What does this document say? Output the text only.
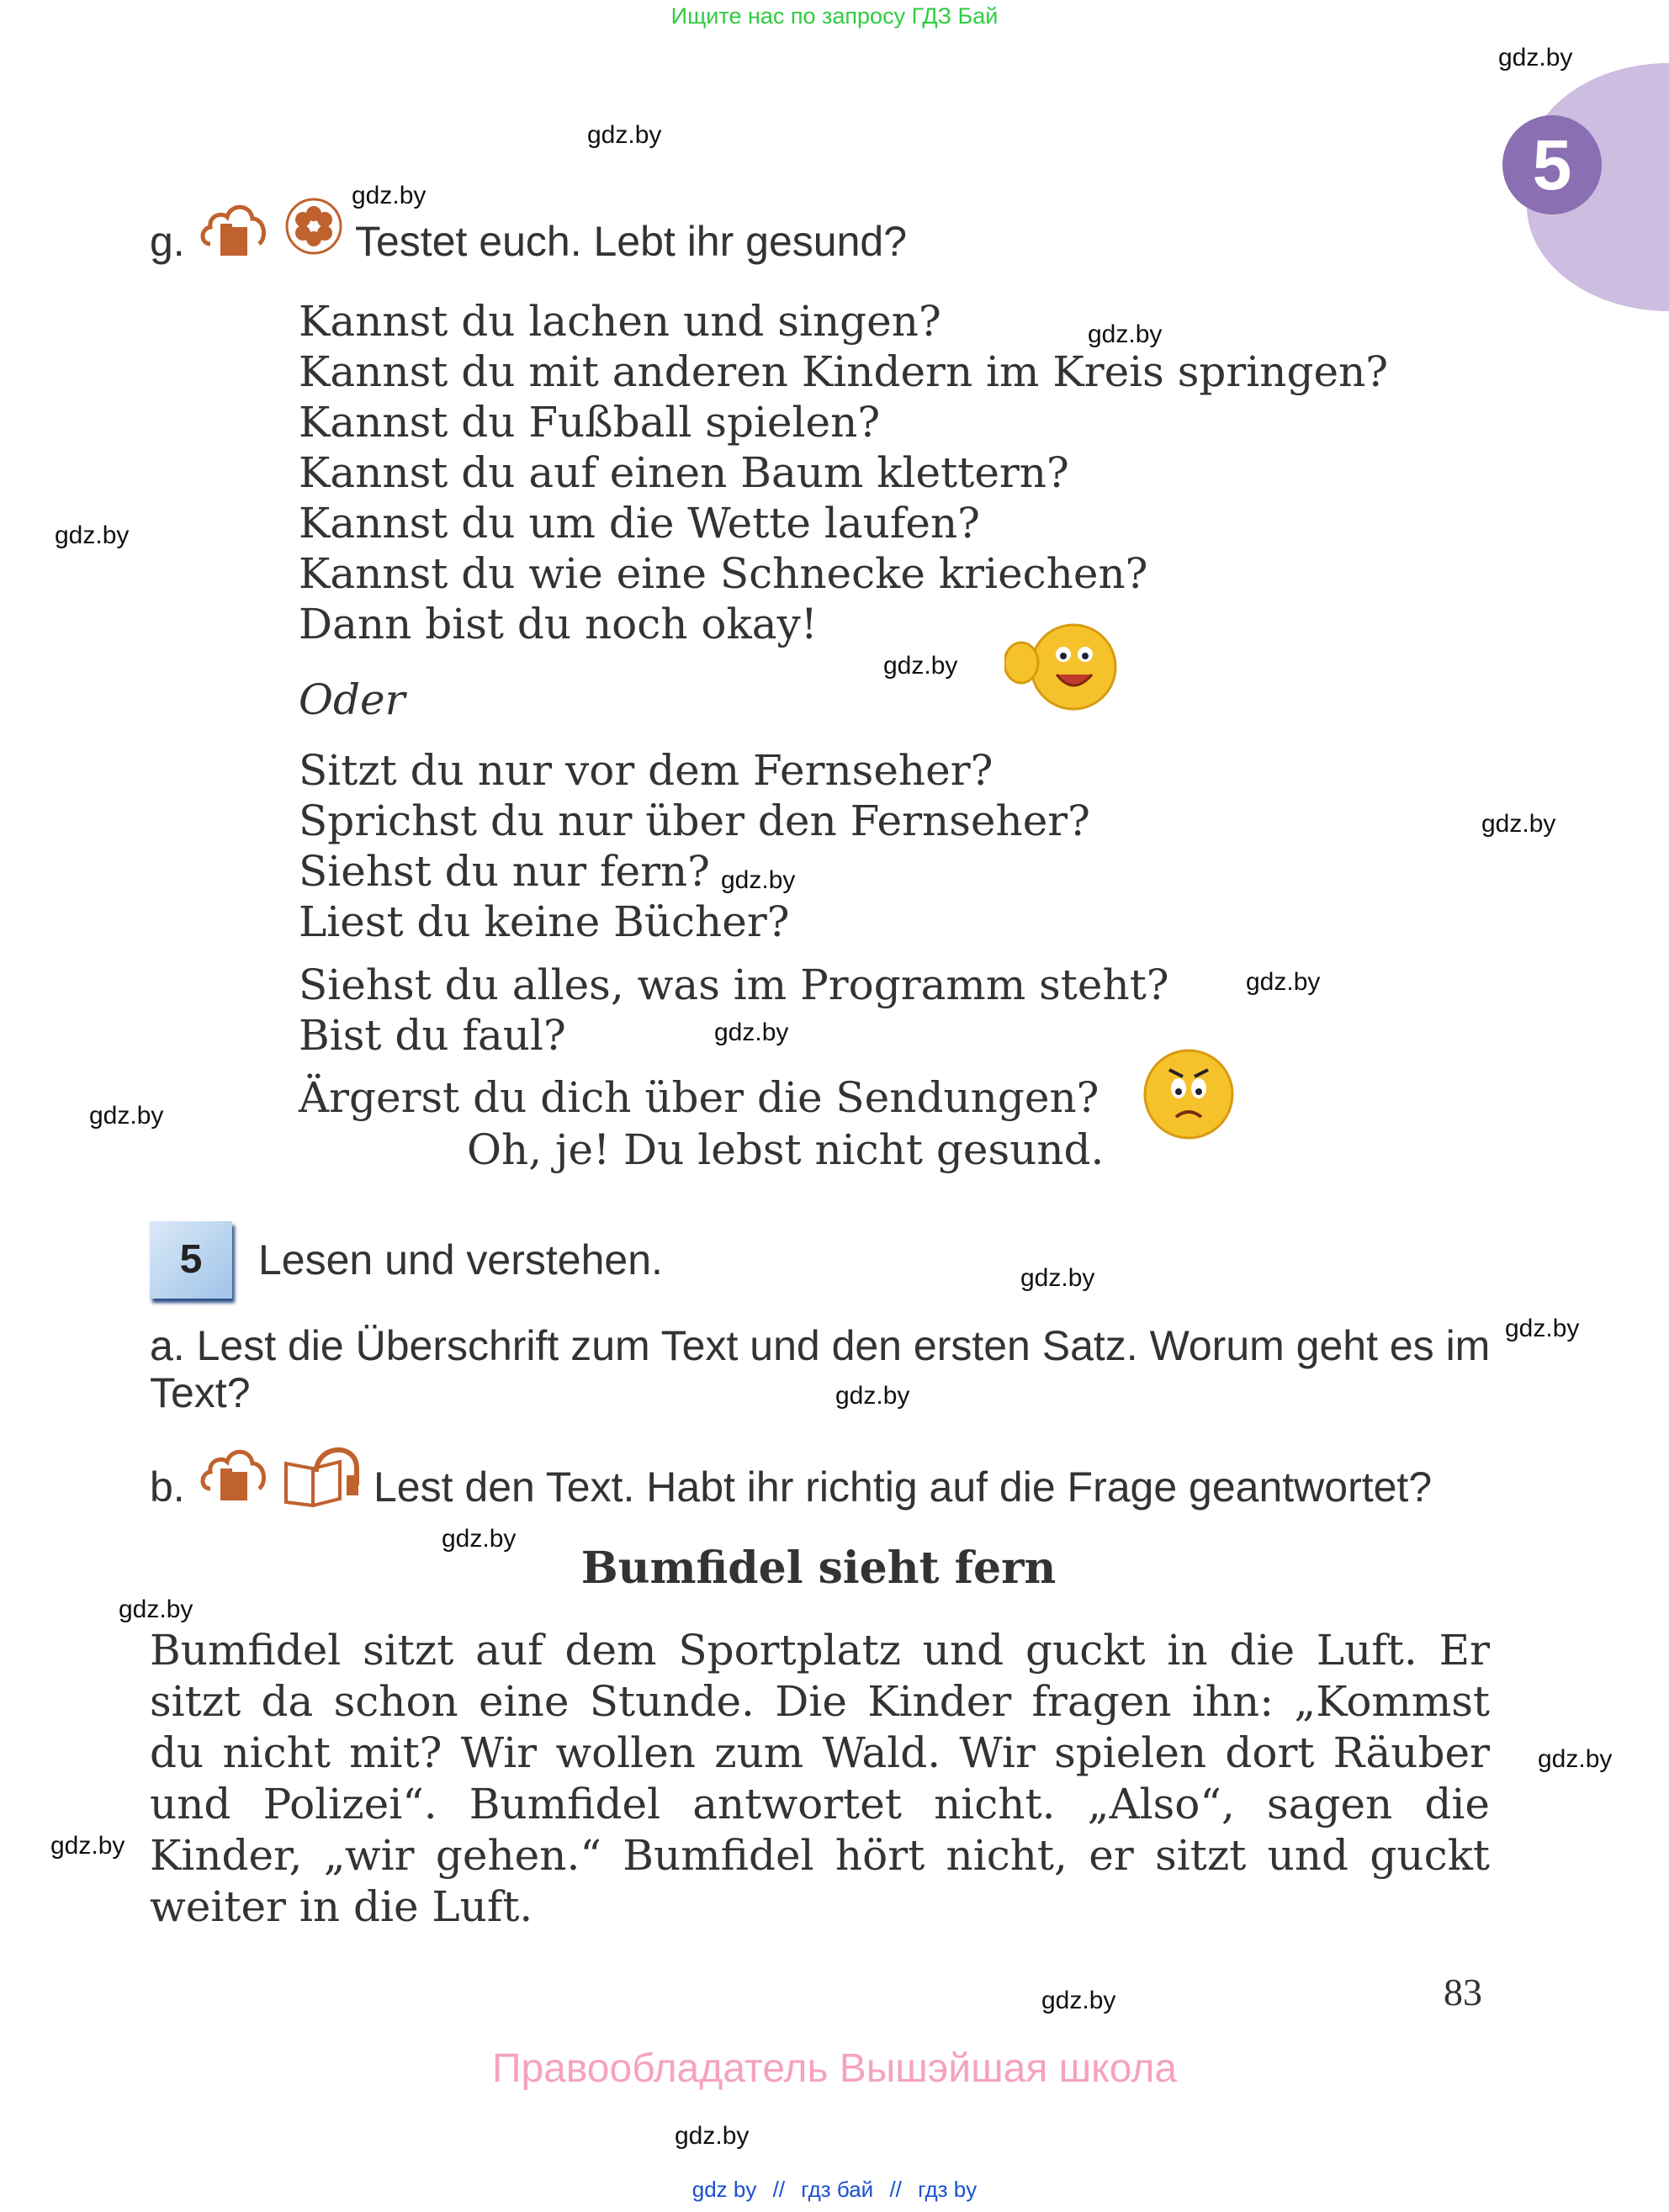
Ищите нас по запросу ГДЗ Бай
5
gdz.by
gdz.by
gdz.by
gdz.by
gdz.by
gdz.by
gdz.by
gdz.by
gdz.by
gdz.by
gdz.by
gdz.by
gdz.by
gdz.by
gdz.by
gdz.by
gdz.by
gdz.by
gdz.by
gdz.by
g.	Testet euch. Lebt ihr gesund?
Kannst du lachen und singen?
Kannst du mit anderen Kindern im Kreis springen?
Kannst du Fußball spielen?
Kannst du auf einen Baum klettern?
Kannst du um die Wette laufen?
Kannst du wie eine Schnecke kriechen?
Dann bist du noch okay!
Oder
Sitzt du nur vor dem Fernseher?
Sprichst du nur über den Fernseher?
Siehst du nur fern?
Liest du keine Bücher?
Siehst du alles, was im Programm steht?
Bist du faul?
Ärgerst du dich über die Sendungen?
Oh, je! Du lebst nicht gesund.
5	Lesen und verstehen.
a. Lest die Überschrift zum Text und den ersten Satz. Worum geht es im Text?
b.	Lest den Text. Habt ihr richtig auf die Frage geantwortet?
Bumfidel sieht fern
Bumfidel sitzt auf dem Sportplatz und guckt in die Luft. Er sitzt da schon eine Stunde. Die Kinder fragen ihn: „Kommst du nicht mit? Wir wollen zum Wald. Wir spielen dort Räuber und Polizei“. Bumfidel antwortet nicht. „Also“, sagen die Kinder, „wir gehen.“ Bumfidel hört nicht, er sitzt und guckt weiter in die Luft.
83
Правообладатель Вышэйшая школа
gdz by // гдз бай // гдз by
